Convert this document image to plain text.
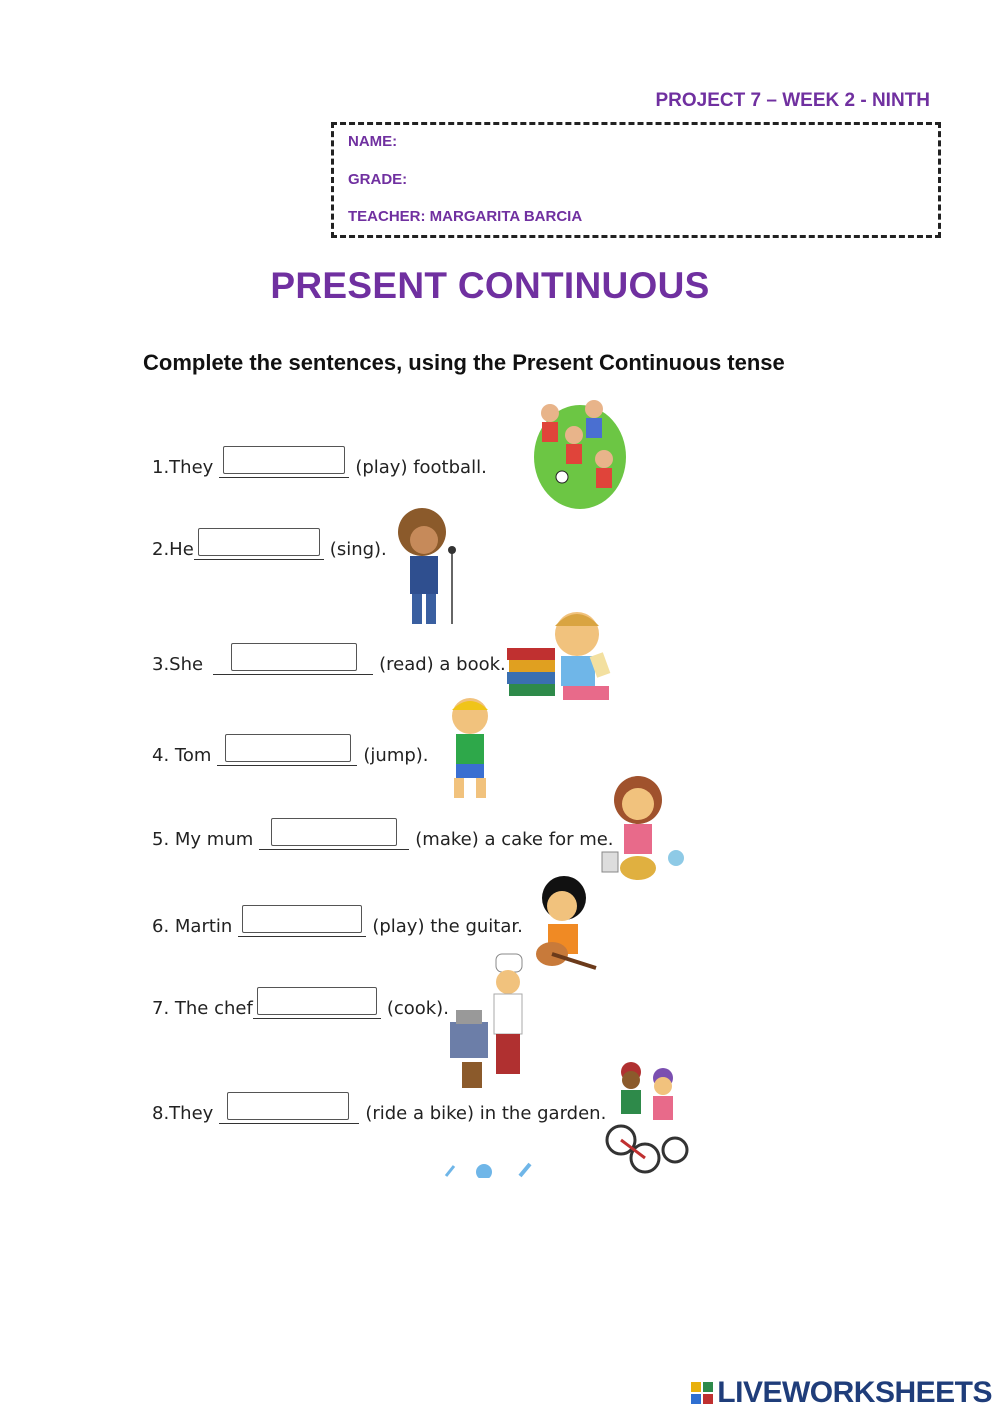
PROJECT 7 – WEEK 2 - NINTH
NAME:
GRADE:
TEACHER: MARGARITA BARCIA
PRESENT CONTINUOUS
Complete the sentences, using the Present Continuous tense
1.They	(play) football.
2.He	(sing).
3.She	(read) a book.
4. Tom	(jump).
5. My mum	(make) a cake for me.
6. Martin	(play) the guitar.
7. The chef	(cook).
8.They	(ride a bike) in the garden.
LIVEWORKSHEETS
